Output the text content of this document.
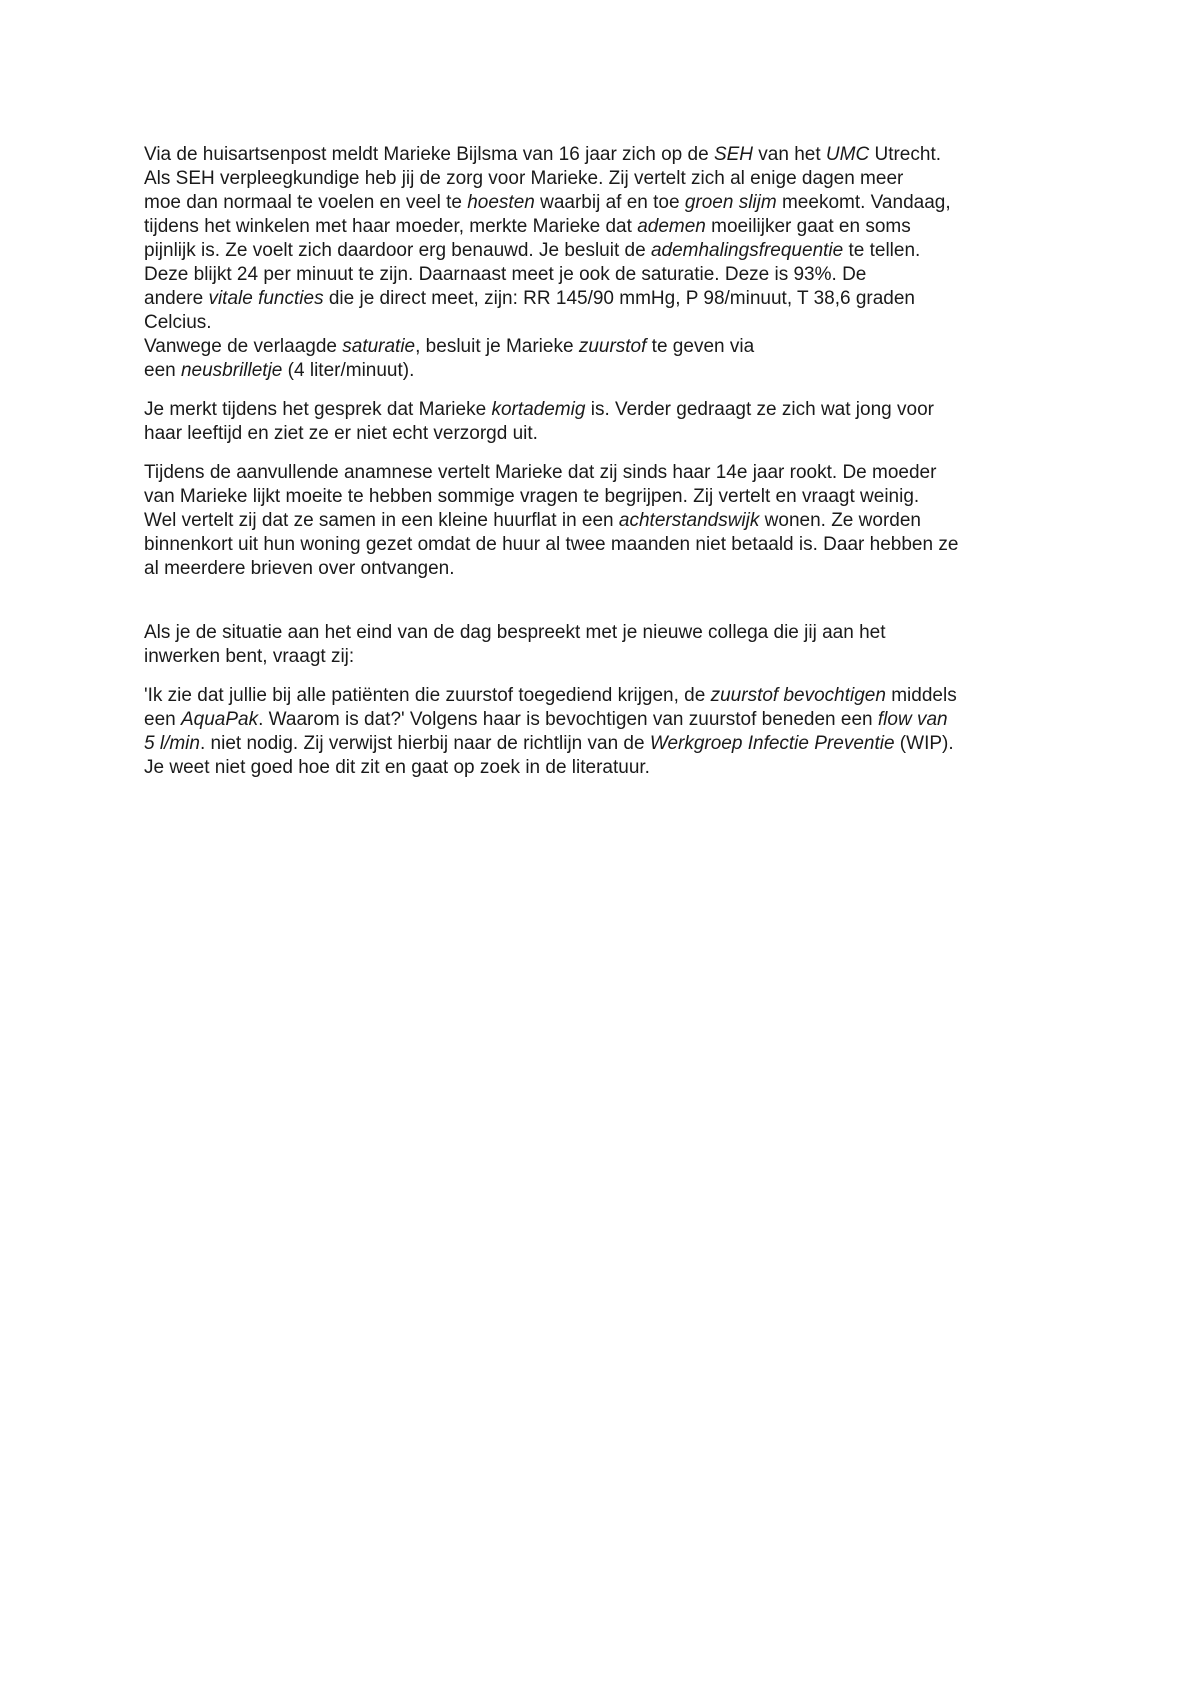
Via de huisartsenpost meldt Marieke Bijlsma van 16 jaar zich op de SEH van het UMC Utrecht.
Als SEH verpleegkundige heb jij de zorg voor Marieke. Zij vertelt zich al enige dagen meer
moe dan normaal te voelen en veel te hoesten waarbij af en toe groen slijm meekomt. Vandaag,
tijdens het winkelen met haar moeder, merkte Marieke dat ademen moeilijker gaat en soms
pijnlijk is. Ze voelt zich daardoor erg benauwd. Je besluit de ademhalingsfrequentie te tellen.
Deze blijkt 24 per minuut te zijn. Daarnaast meet je ook de saturatie. Deze is 93%. De
andere vitale functies die je direct meet, zijn: RR 145/90 mmHg, P 98/minuut, T 38,6 graden
Celcius.
Vanwege de verlaagde saturatie, besluit je Marieke zuurstof te geven via
een neusbrilletje (4 liter/minuut).

Je merkt tijdens het gesprek dat Marieke kortademig is. Verder gedraagt ze zich wat jong voor
haar leeftijd en ziet ze er niet echt verzorgd uit.

Tijdens de aanvullende anamnese vertelt Marieke dat zij sinds haar 14e jaar rookt. De moeder
van Marieke lijkt moeite te hebben sommige vragen te begrijpen. Zij vertelt en vraagt weinig.
Wel vertelt zij dat ze samen in een kleine huurflat in een achterstandswijk wonen. Ze worden
binnenkort uit hun woning gezet omdat de huur al twee maanden niet betaald is. Daar hebben ze
al meerdere brieven over ontvangen.

Als je de situatie aan het eind van de dag bespreekt met je nieuwe collega die jij aan het
inwerken bent, vraagt zij:

'Ik zie dat jullie bij alle patiënten die zuurstof toegediend krijgen, de zuurstof bevochtigen middels
een AquaPak. Waarom is dat?' Volgens haar is bevochtigen van zuurstof beneden een flow van
5 l/min. niet nodig. Zij verwijst hierbij naar de richtlijn van de Werkgroep Infectie Preventie (WIP).
Je weet niet goed hoe dit zit en gaat op zoek in de literatuur.
